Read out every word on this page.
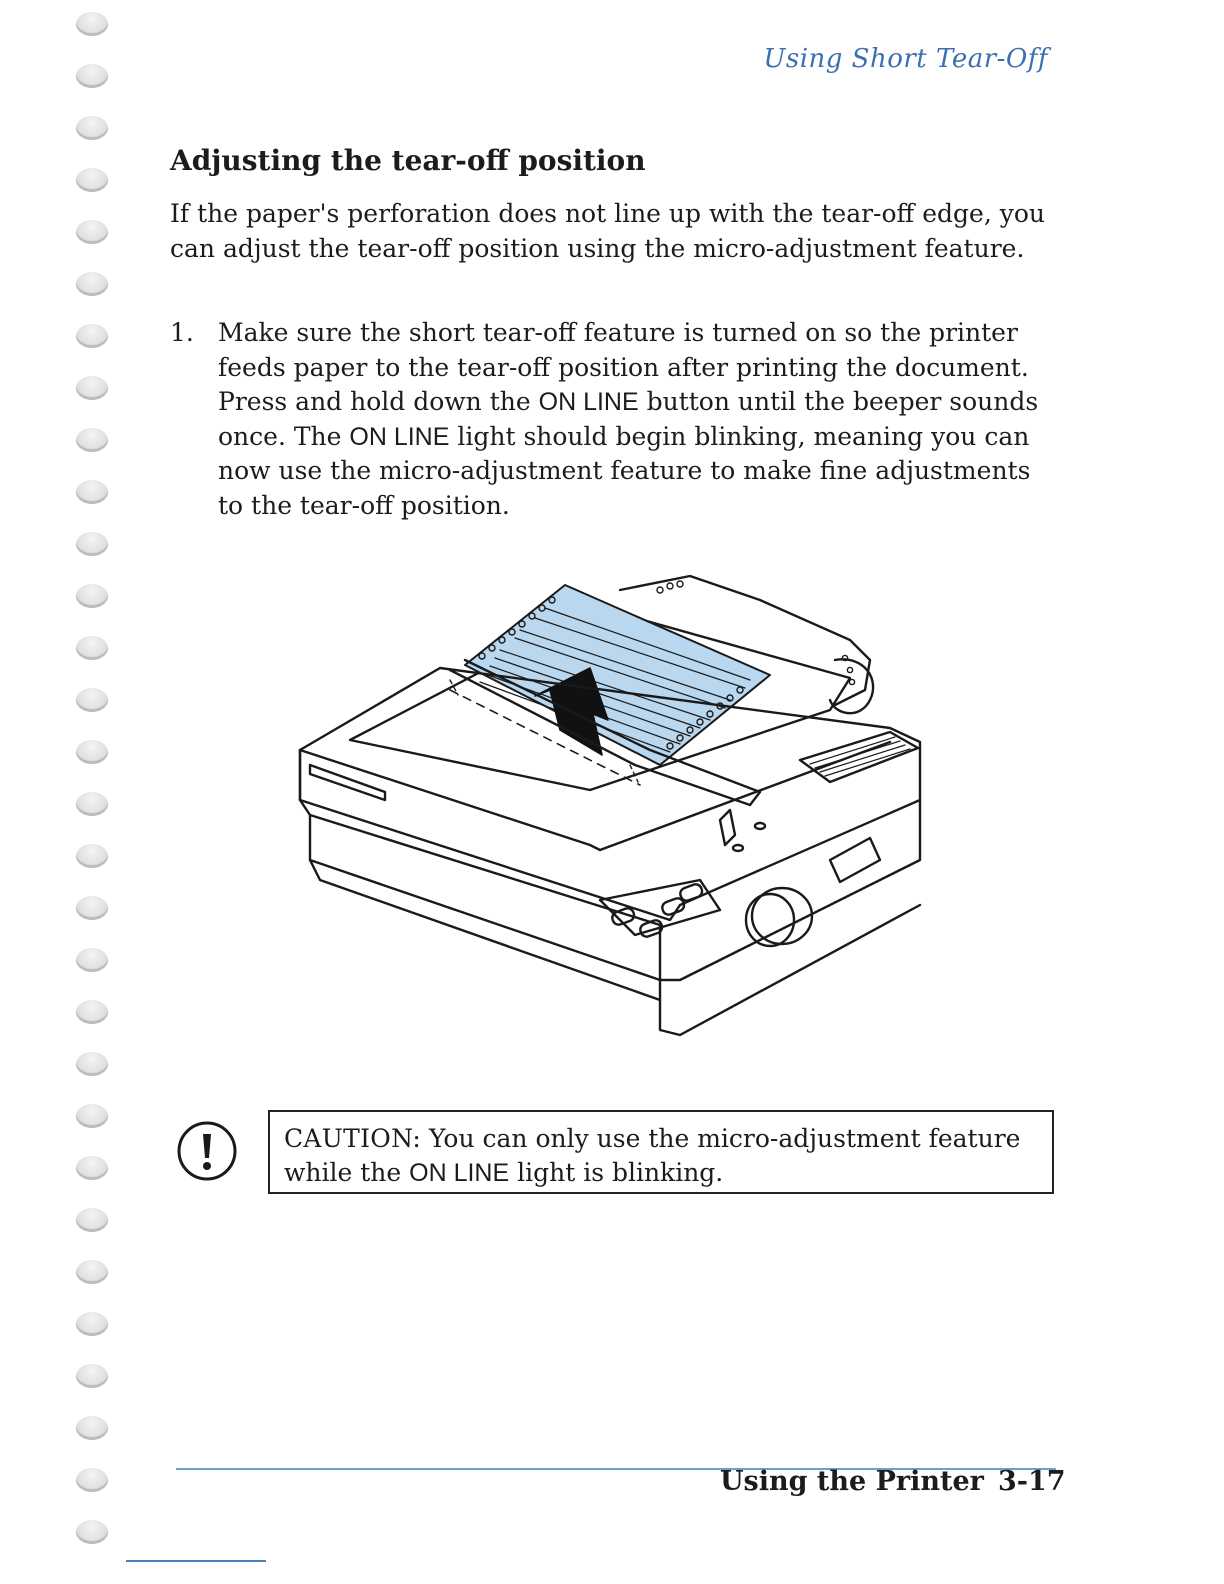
Using Short Tear-Off
Adjusting the tear-off position
If the paper's perforation does not line up with the tear-off edge, you can adjust the tear-off position using the micro-adjustment feature.
1. Make sure the short tear-off feature is turned on so the printer feeds paper to the tear-off position after printing the document. Press and hold down the ON LINE button until the beeper sounds once. The ON LINE light should begin blinking, meaning you can now use the micro-adjustment feature to make fine adjustments to the tear-off position.
CAUTION: You can only use the micro-adjustment feature while the ON LINE light is blinking.
Using the Printer 3-17
